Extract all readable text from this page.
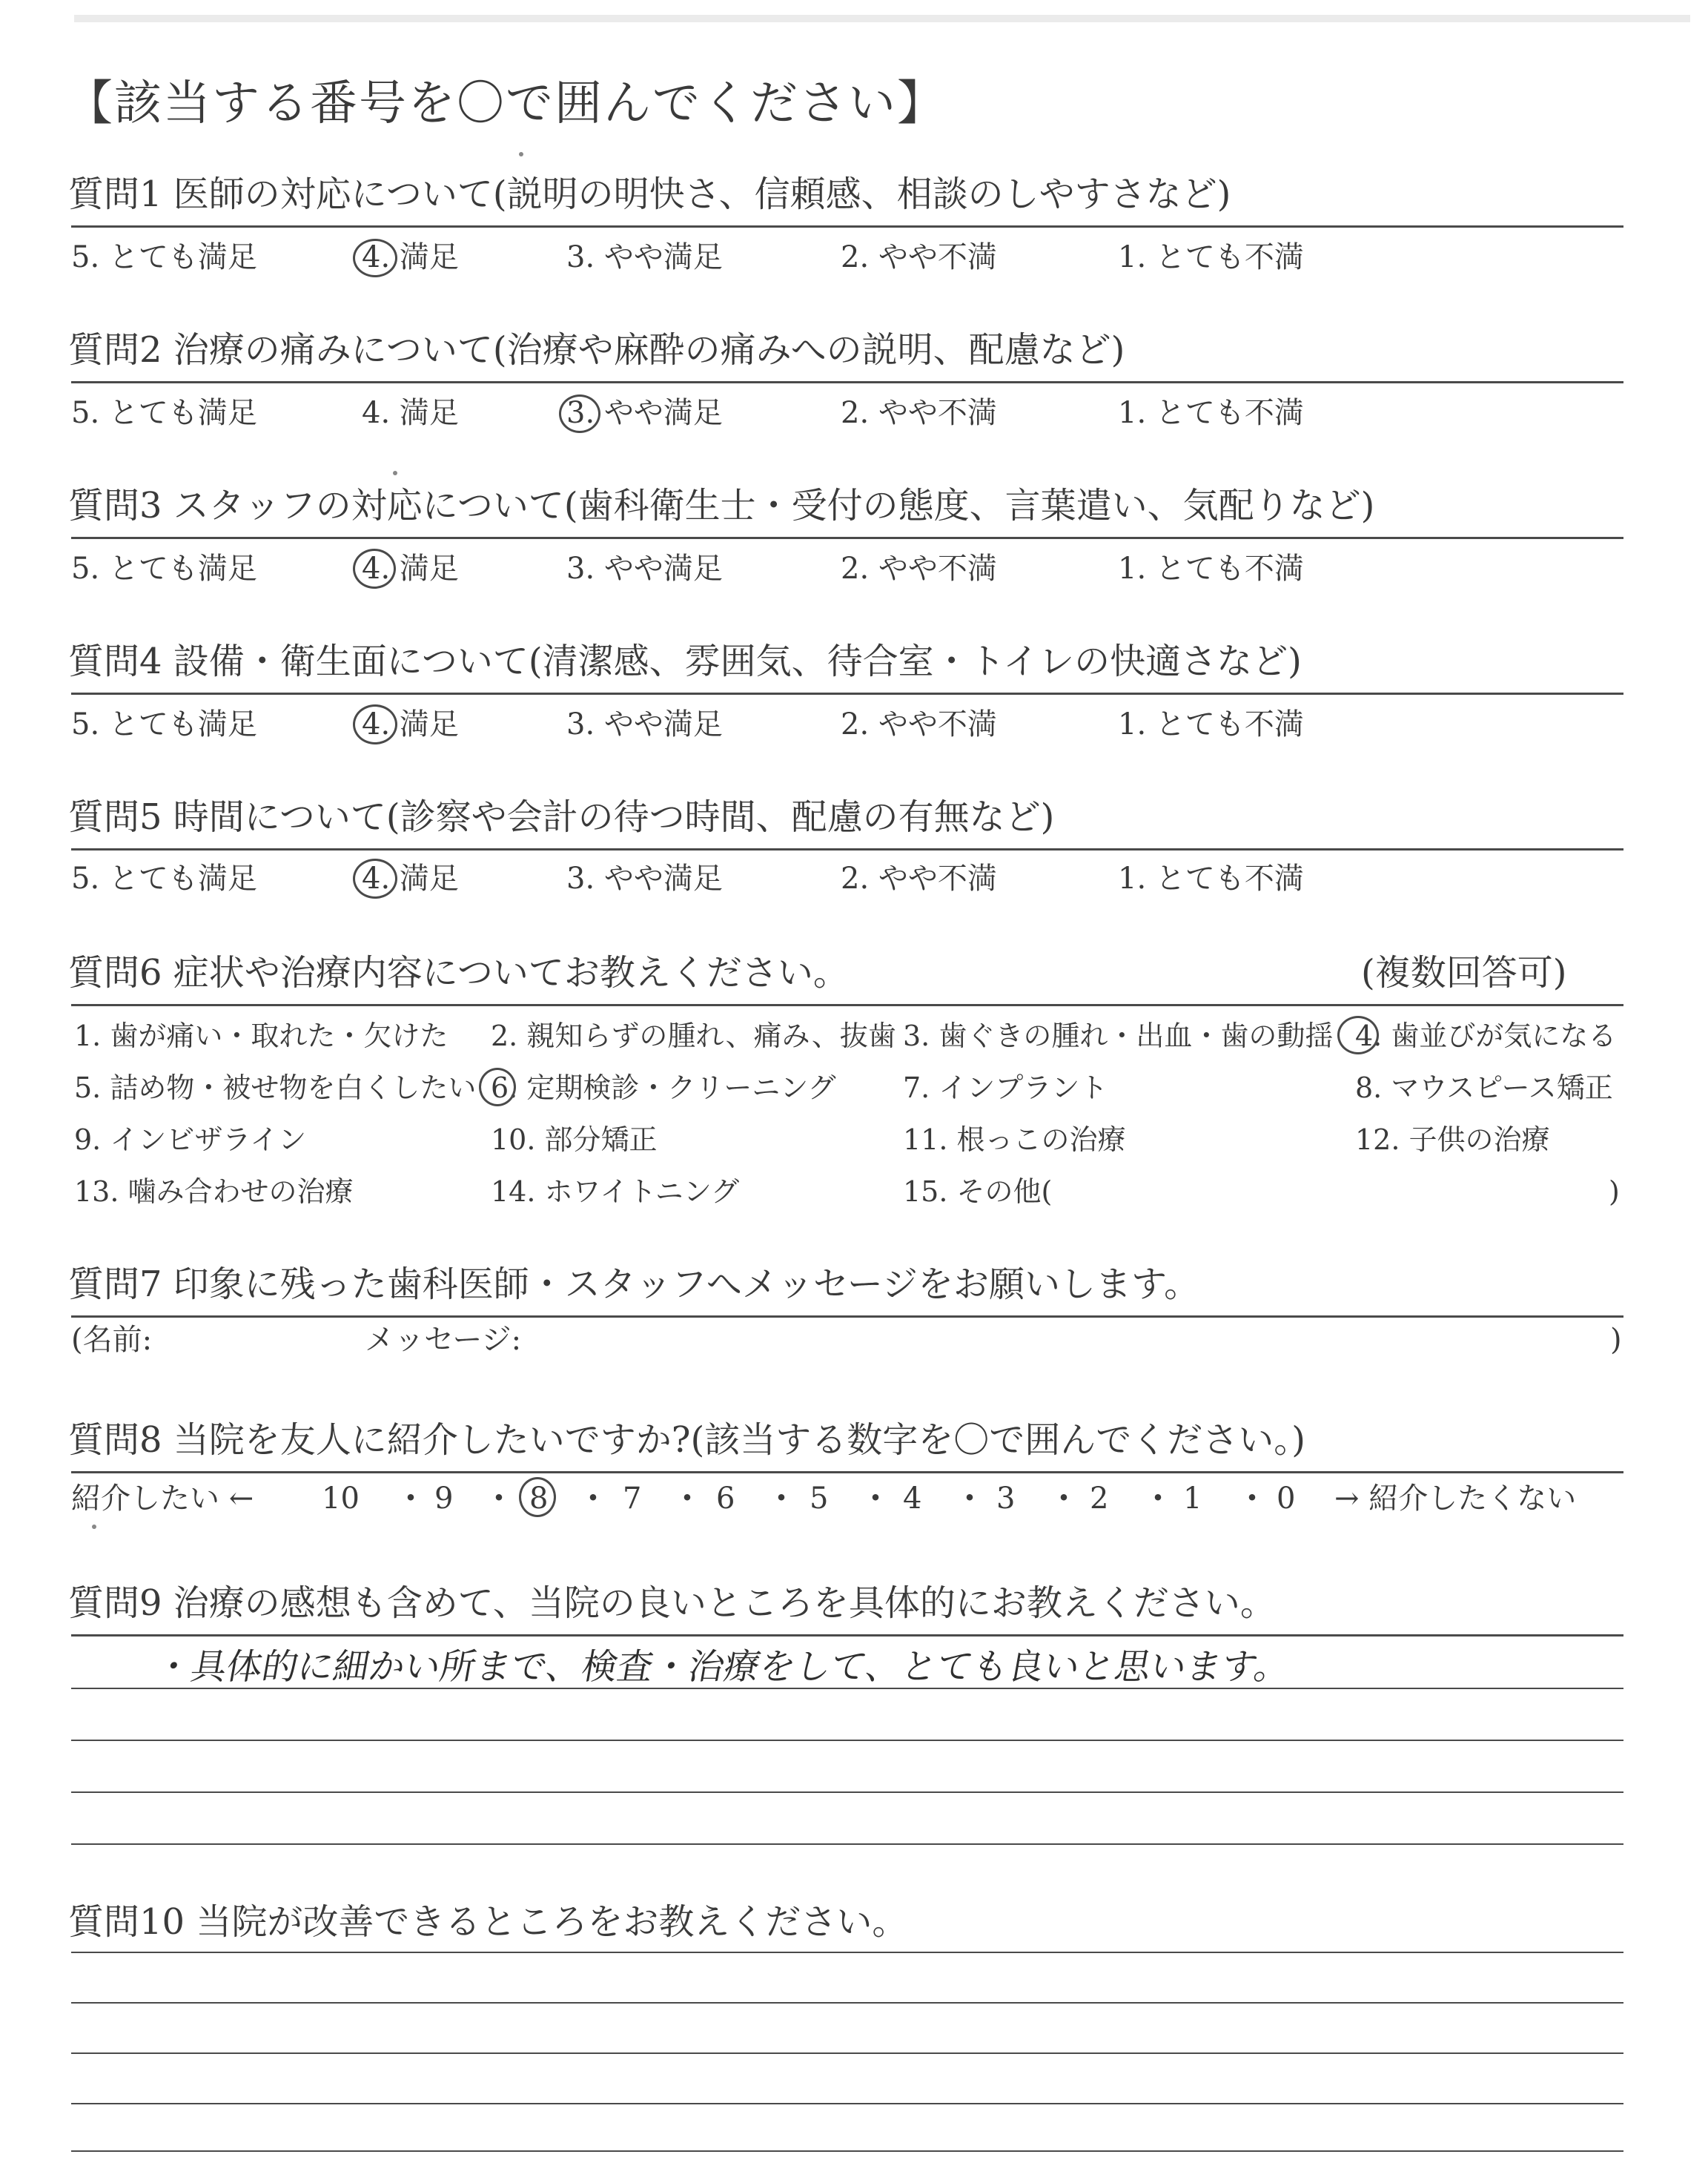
【該当する番号を〇で囲んでください】
質問1 医師の対応について(説明の明快さ、信頼感、相談のしやすさなど)
5. とても満足	4. 満足	3. やや満足	2. やや不満	1. とても不満
質問2 治療の痛みについて(治療や麻酔の痛みへの説明、配慮など)
5. とても満足	4. 満足	3. やや満足	2. やや不満	1. とても不満
質問3 スタッフの対応について(歯科衛生士・受付の態度、言葉遣い、気配りなど)
5. とても満足	4. 満足	3. やや満足	2. やや不満	1. とても不満
質問4 設備・衛生面について(清潔感、雰囲気、待合室・トイレの快適さなど)
5. とても満足	4. 満足	3. やや満足	2. やや不満	1. とても不満
質問5 時間について(診察や会計の待つ時間、配慮の有無など)
5. とても満足	4. 満足	3. やや満足	2. やや不満	1. とても不満
質問6 症状や治療内容についてお教えください。	(複数回答可)
1. 歯が痛い・取れた・欠けた 2. 親知らずの腫れ、痛み、抜歯 3. 歯ぐきの腫れ・出血・歯の動揺 4. 歯並びが気になる
5. 詰め物・被せ物を白くしたい 6. 定期検診・クリーニング 7. インプラント	8. マウスピース矯正
9. インビザライン	10. 部分矯正	11. 根っこの治療	12. 子供の治療
13. 噛み合わせの治療	14. ホワイトニング	15. その他(	)
質問7 印象に残った歯科医師・スタッフへメッセージをお願いします。
(名前:	メッセージ:	)
質問8 当院を友人に紹介したいですか?(該当する数字を〇で囲んでください。)
紹介したい ←	→ 紹介したくない
10 ・ 9 ・ 8 ・ 7 ・ 6 ・ 5 ・ 4 ・ 3 ・ 2 ・ 1 ・ 0
質問9 治療の感想も含めて、当院の良いところを具体的にお教えください。
・具体的に細かい所まで、検査・治療をして、とても良いと思います。
質問10 当院が改善できるところをお教えください。
